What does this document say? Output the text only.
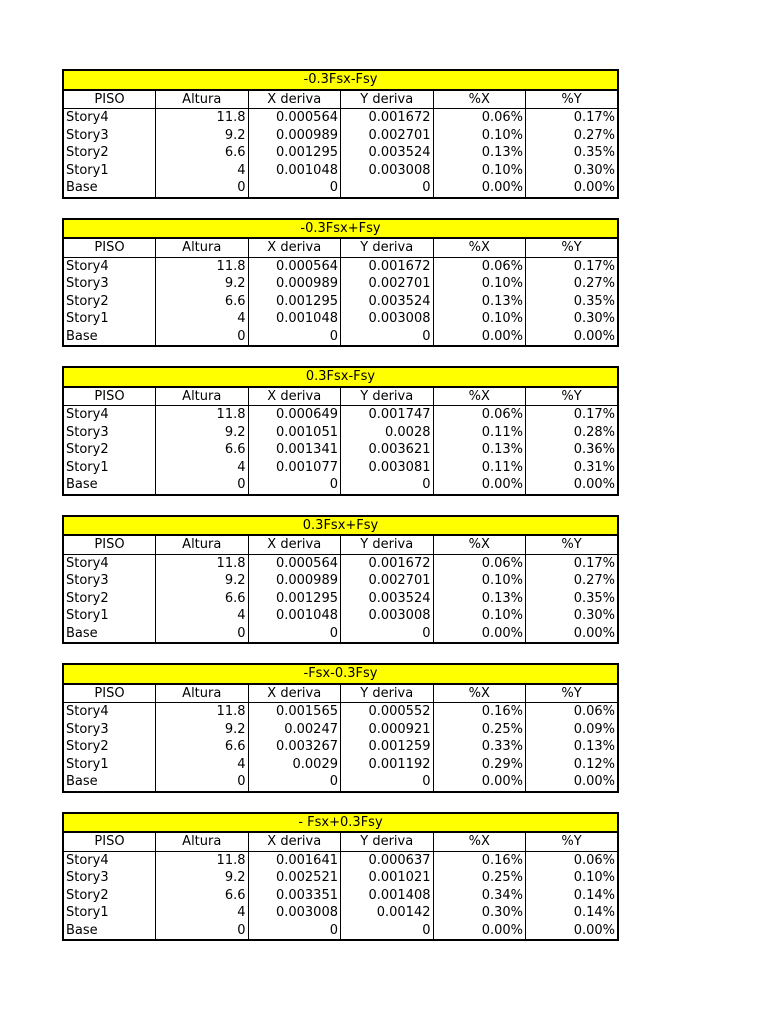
-0.3Fsx-Fsy					
PISO	Altura	X deriva	Y deriva	%X	%Y
Story4	11.8	0.000564	0.001672	0.06%	0.17%
Story3	9.2	0.000989	0.002701	0.10%	0.27%
Story2	6.6	0.001295	0.003524	0.13%	0.35%
Story1	4	0.001048	0.003008	0.10%	0.30%
Base	0	0	0	0.00%	0.00%
-0.3Fsx+Fsy					
PISO	Altura	X deriva	Y deriva	%X	%Y
Story4	11.8	0.000564	0.001672	0.06%	0.17%
Story3	9.2	0.000989	0.002701	0.10%	0.27%
Story2	6.6	0.001295	0.003524	0.13%	0.35%
Story1	4	0.001048	0.003008	0.10%	0.30%
Base	0	0	0	0.00%	0.00%
0.3Fsx-Fsy					
PISO	Altura	X deriva	Y deriva	%X	%Y
Story4	11.8	0.000649	0.001747	0.06%	0.17%
Story3	9.2	0.001051	0.0028	0.11%	0.28%
Story2	6.6	0.001341	0.003621	0.13%	0.36%
Story1	4	0.001077	0.003081	0.11%	0.31%
Base	0	0	0	0.00%	0.00%
0.3Fsx+Fsy					
PISO	Altura	X deriva	Y deriva	%X	%Y
Story4	11.8	0.000564	0.001672	0.06%	0.17%
Story3	9.2	0.000989	0.002701	0.10%	0.27%
Story2	6.6	0.001295	0.003524	0.13%	0.35%
Story1	4	0.001048	0.003008	0.10%	0.30%
Base	0	0	0	0.00%	0.00%
-Fsx-0.3Fsy					
PISO	Altura	X deriva	Y deriva	%X	%Y
Story4	11.8	0.001565	0.000552	0.16%	0.06%
Story3	9.2	0.00247	0.000921	0.25%	0.09%
Story2	6.6	0.003267	0.001259	0.33%	0.13%
Story1	4	0.0029	0.001192	0.29%	0.12%
Base	0	0	0	0.00%	0.00%
- Fsx+0.3Fsy					
PISO	Altura	X deriva	Y deriva	%X	%Y
Story4	11.8	0.001641	0.000637	0.16%	0.06%
Story3	9.2	0.002521	0.001021	0.25%	0.10%
Story2	6.6	0.003351	0.001408	0.34%	0.14%
Story1	4	0.003008	0.00142	0.30%	0.14%
Base	0	0	0	0.00%	0.00%
